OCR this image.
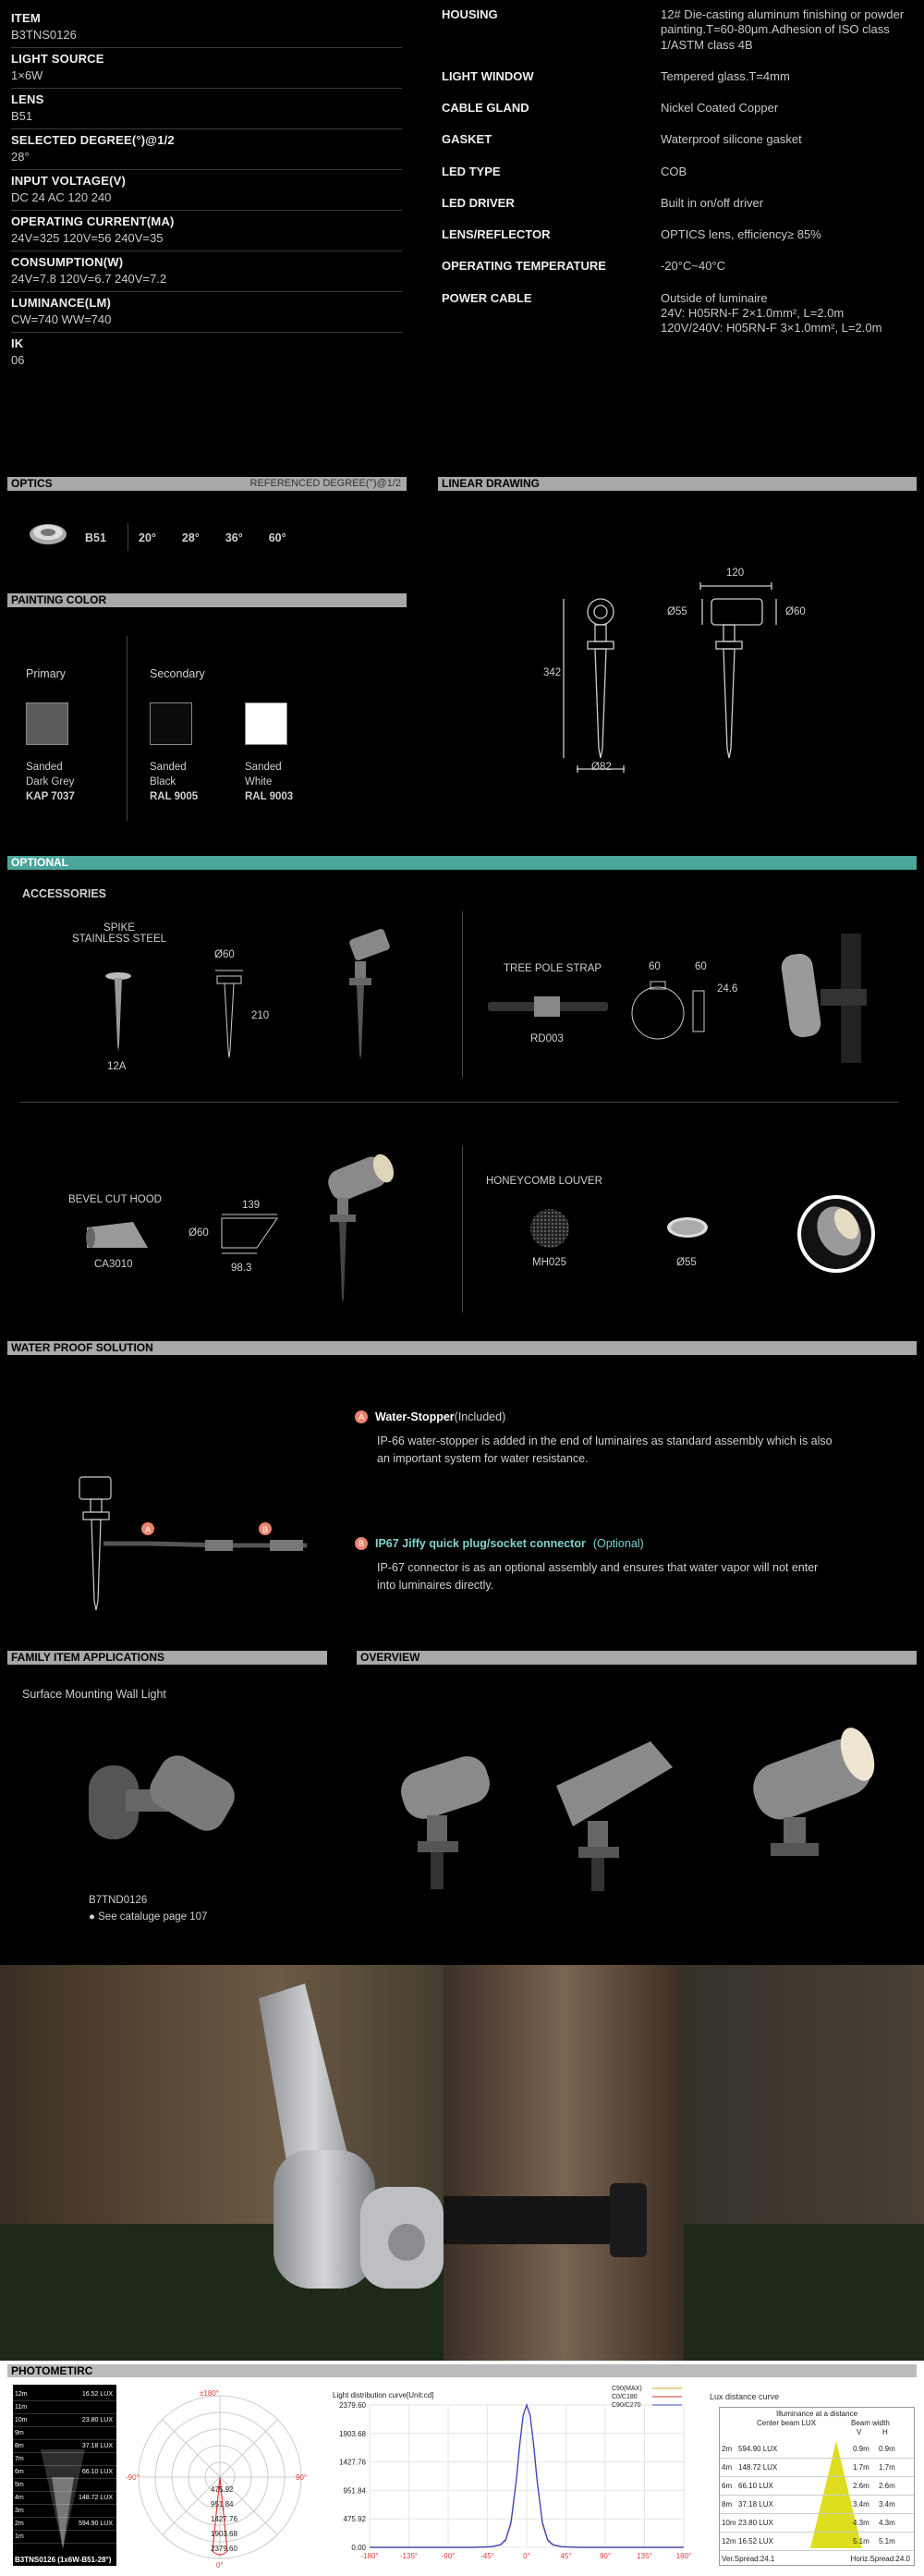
ITEM
B3TNS0126
LIGHT SOURCE
1×6W
LENS
B51
SELECTED DEGREE(°)@1/2
28°
INPUT VOLTAGE(V)
DC 24 AC 120 240
OPERATING CURRENT(MA)
24V=325 120V=56 240V=35
CONSUMPTION(W)
24V=7.8 120V=6.7 240V=7.2
LUMINANCE(LM)
CW=740 WW=740
IK
06
HOUSING	12# Die-casting aluminum finishing or powder painting.T=60-80μm.Adhesion of ISO class 1/ASTM class 4B
LIGHT WINDOW	Tempered glass.T=4mm
CABLE GLAND	Nickel Coated Copper
GASKET	Waterproof silicone gasket
LED TYPE	COB
LED DRIVER	Built in on/off driver
LENS/REFLECTOR	OPTICS lens, efficiency≥ 85%
OPERATING TEMPERATURE	-20°C~40°C
POWER CABLE	Outside of luminaire
24V: H05RN-F 2×1.0mm², L=2.0m
120V/240V: H05RN-F 3×1.0mm², L=2.0m
OPTICS	REFERENCED DEGREE(°)@1/2
B51	20° 28° 36° 60°
LINEAR DRAWING
342
Ø82
120
Ø55	Ø60
PAINTING COLOR
Primary	Secondary
Sanded
Dark Grey
KAP 7037
Sanded
Black
RAL 9005
Sanded
White
RAL 9003
OPTIONAL
ACCESSORIES
SPIKE
STAINLESS STEEL
12A
Ø60
210
TREE POLE STRAP
RD003
60	60
24.6
BEVEL CUT HOOD
CA3010
139
Ø60
98.3
HONEYCOMB LOUVER
MH025	Ø55
WATER PROOF SOLUTION
A	B
A Water-Stopper (Included)
IP-66 water-stopper is added in the end of luminaires as standard assembly which is also an important system for water resistance.
B IP67 Jiffy quick plug/socket connector (Optional)
IP-67 connector is as an optional assembly and ensures that water vapor will not enter into luminaires directly.
FAMILY ITEM APPLICATIONS	OVERVIEW
Surface Mounting Wall Light
B7TND0126
● See cataluge page 107
PHOTOMETIRC
12m	16.52 LUX
11m
10m	23.80 LUX
9m
8m	37.18 LUX
7m
6m	66.10 LUX
5m
4m	148.72 LUX
3m
2m	594.90 LUX
1m
B3TNS0126 (1x6W-B51-28°)
±180°
-90°	90°
0°
475.92
951.84
1427.76
1903.68
2379.60	0.00
475.92
951.84
1427.76
1903.68
2379.60
-180°	-135°	-90°	-45°	0°	45°	90°	135°	180°
Light distribution curve[Unit:cd]
C90(MAX)
C0/C180
C90/C270
Lux distance curve
Illuminance at a distance
Center beam LUX	Beam width
V	H
2m 594.90 LUX	0.9m 0.9m
4m 148.72 LUX	1.7m 1.7m
6m 66.10 LUX	2.6m 2.6m
8m 37.18 LUX	3.4m 3.4m
10m 23.80 LUX	4.3m 4.3m
12m 16.52 LUX	5.1m 5.1m
Ver.Spread:24.1	Horiz.Spread:24.0
